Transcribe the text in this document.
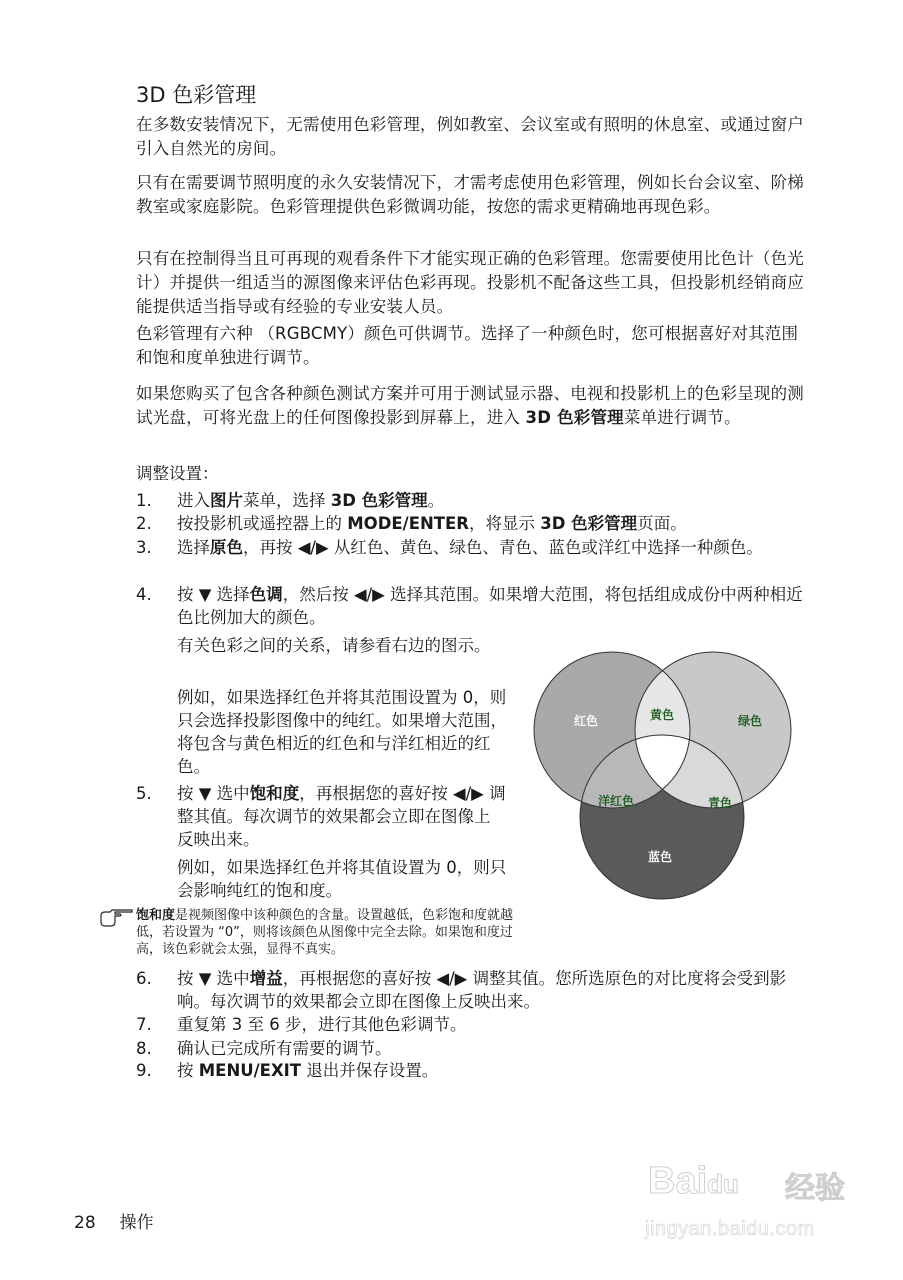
3D 色彩管理
在多数安装情况下，无需使用色彩管理，例如教室、会议室或有照明的休息室、或通过窗户引入自然光的房间。
只有在需要调节照明度的永久安装情况下，才需考虑使用色彩管理，例如长台会议室、阶梯教室或家庭影院。色彩管理提供色彩微调功能，按您的需求更精确地再现色彩。
只有在控制得当且可再现的观看条件下才能实现正确的色彩管理。您需要使用比色计（色光计）并提供一组适当的源图像来评估色彩再现。投影机不配备这些工具，但投影机经销商应能提供适当指导或有经验的专业安装人员。
色彩管理有六种 （RGBCMY）颜色可供调节。选择了一种颜色时，您可根据喜好对其范围和饱和度单独进行调节。
如果您购买了包含各种颜色测试方案并可用于测试显示器、电视和投影机上的色彩呈现的测试光盘，可将光盘上的任何图像投影到屏幕上，进入 3D 色彩管理菜单进行调节。
调整设置：
1.	进入图片菜单，选择 3D 色彩管理。
2.	按投影机或遥控器上的 MODE/ENTER，将显示 3D 色彩管理页面。
3.	选择原色，再按 ◀/▶ 从红色、黄色、绿色、青色、蓝色或洋红中选择一种颜色。
4.	按 ▼ 选择色调，然后按 ◀/▶ 选择其范围。如果增大范围，将包括组成成份中两种相近色比例加大的颜色。
有关色彩之间的关系，请参看右边的图示。
例如，如果选择红色并将其范围设置为 0，则只会选择投影图像中的纯红。如果增大范围，将包含与黄色相近的红色和与洋红相近的红色。
5.	按 ▼ 选中饱和度，再根据您的喜好按 ◀/▶ 调整其值。每次调节的效果都会立即在图像上反映出来。
例如，如果选择红色并将其值设置为 0，则只会影响纯红的饱和度。
饱和度是视频图像中该种颜色的含量。设置越低，色彩饱和度就越低，若设置为 “0”，则将该颜色从图像中完全去除。如果饱和度过高，该色彩就会太强，显得不真实。
6.	按 ▼ 选中增益，再根据您的喜好按 ◀/▶ 调整其值。您所选原色的对比度将会受到影响。每次调节的效果都会立即在图像上反映出来。
7.	重复第 3 至 6 步，进行其他色彩调节。
8.	确认已完成所有需要的调节。
9.	按 MENU/EXIT 退出并保存设置。
红色	黄色	绿色
洋红色	青色
蓝色
28 操作
Baidu 经验
jingyan.baidu.com
